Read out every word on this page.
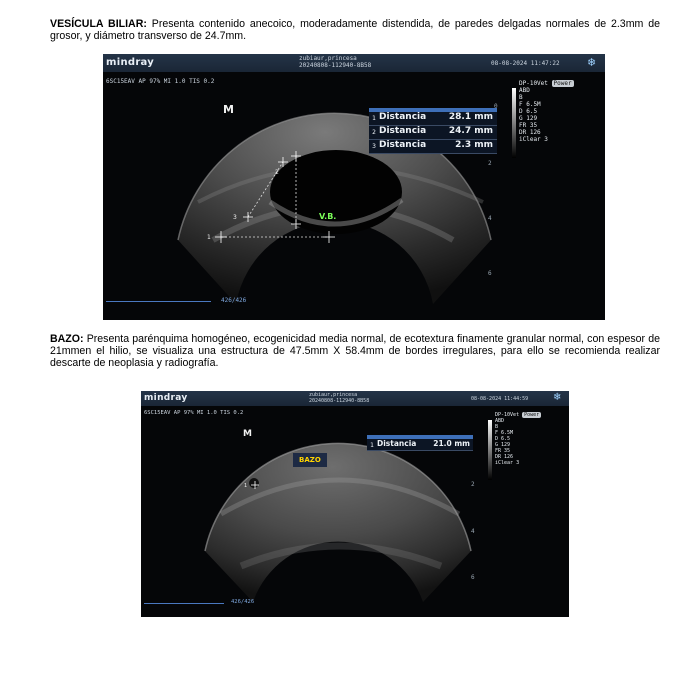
VESÍCULA BILIAR: Presenta contenido anecoico, moderadamente distendida, de paredes delgadas normales de 2.3mm de grosor, y diámetro transverso de 24.7mm.
mindray	zubiaur,princesa
20240808-112940-8B58	08-08-2024 11:47:22 ❄
6SC15EAV AP 97% MI 1.0 TIS 0.2
1
3
2
V.B.
M
1 Distancia	28.1 mm
2 Distancia	24.7 mm
3 Distancia	2.3 mm
DP-10Vet Power
ABD
B
F 6.5M
D 6.5
G 129
FR 35
DR 126
iClear 3
0
2
4
6
426/426
BAZO: Presenta parénquima homogéneo, ecogenicidad media normal, de ecotextura finamente granular normal, con espesor de 21mmen el hilio, se visualiza una estructura de 47.5mm X 58.4mm de bordes irregulares, para ello se recomienda realizar descarte de neoplasia y radiografía.
mindray	zubiaur,princesa
20240808-112940-8B58	08-08-2024 11:44:59 ❄
6SC15EAV AP 97% MI 1.0 TIS 0.2
1
M
BAZO
1 Distancia	21.0 mm
DP-10Vet Power
ABD
B
F 6.5M
D 6.5
G 129
FR 35
DR 126
iClear 3
2
4
6
426/426
